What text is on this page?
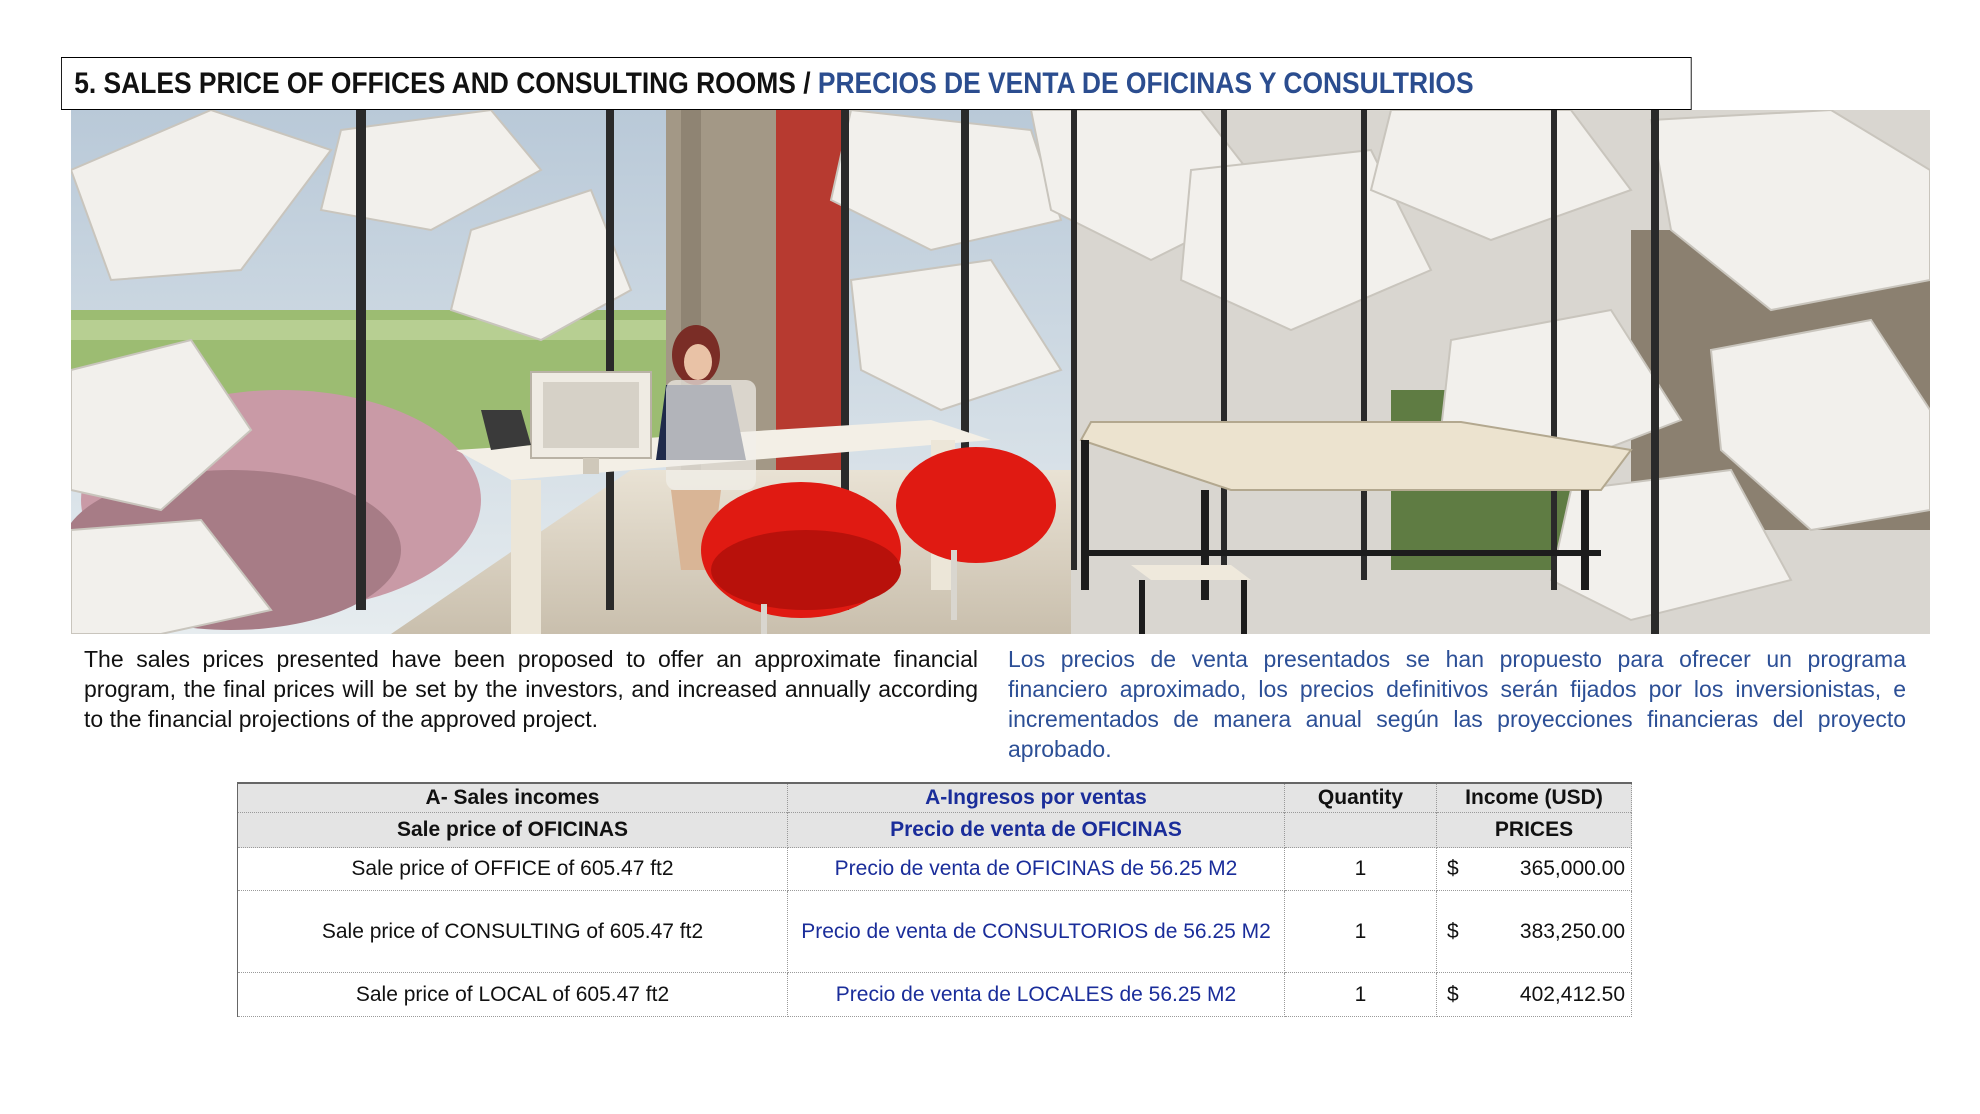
5. SALES PRICE OF OFFICES AND CONSULTING ROOMS / PRECIOS DE VENTA DE OFICINAS Y CONSULTRIOS

The sales prices presented have been proposed to offer an approximate financial program, the final prices will be set by the investors, and increased annually according to the financial projections of the approved project.

Los precios de venta presentados se han propuesto para ofrecer un programa financiero aproximado, los precios definitivos serán fijados por los inversionistas, e incrementados de manera anual según las proyecciones financieras del proyecto aprobado.

A- Sales incomes	A-Ingresos por ventas	Quantity	Income (USD)
Sale price of OFICINAS	Precio de venta de OFICINAS		PRICES
Sale price of OFFICE of 605.47 ft2	Precio de venta de OFICINAS de 56.25 M2	1	$ 365,000.00

Sale price of CONSULTING of 605.47 ft2	Precio de venta de CONSULTORIOS de 56.25 M2	1	$ 383,250.00

Sale price of LOCAL of 605.47 ft2	Precio de venta de LOCALES de 56.25 M2	1	$ 402,412.50
